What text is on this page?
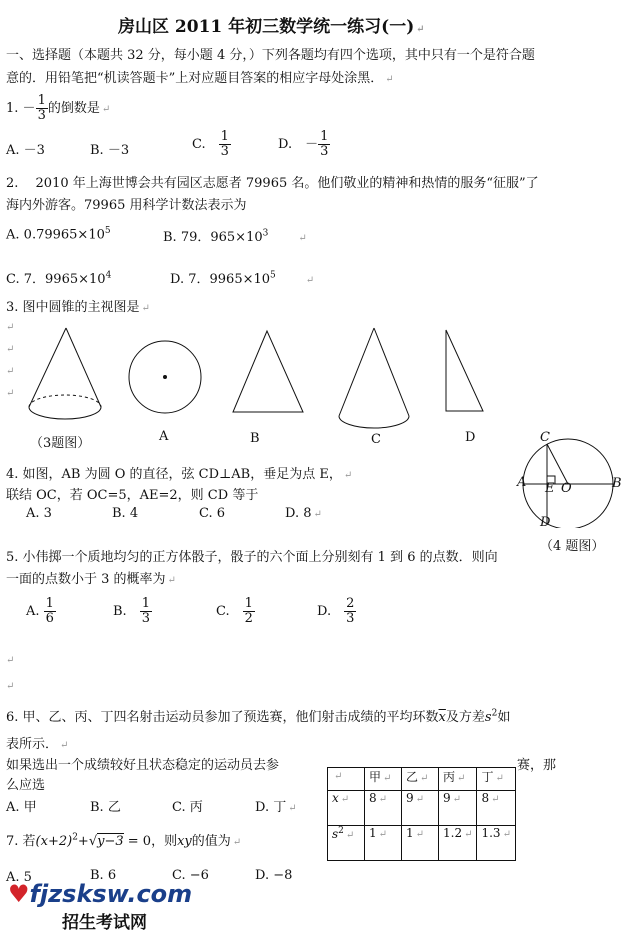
房山区 2011 年初三数学统一练习(一) ↵
一、选择题（本题共 32 分，每小题 4 分，）下列各题均有四个选项，其中只有一个是符合题
意的．用铅笔把“机读答题卡”上对应题目答案的相应字母处涂黑． ↵
1. － $\frac{1}{3}$ 的倒数是 ↵
A. －3	B. －3	C.　 $\frac{1}{3}$	D.　 － $\frac{1}{3}$
2.　 2010 年上海世博会共有园区志愿者 79965 名。他们敬业的精神和热情的服务“征服”了
海内外游客。79965 用科学计数法表示为
A. $0.79965\times 10^5$	B. 79．$965\times 10^3$	↵
C. 7．$9965\times 10^4$	D. 7．$9965\times 10^5$	↵
3. 图中圆锥的主视图是 ↵
↵
↵
↵
↵
（3题图）	A	B	C	D
4. 如图，AB 为圆 O 的直径，弦 CD⊥AB，垂足为点 E， ↵
联结 OC，若 OC=5，AE=2，则 CD 等于
A. 3	B. 4	C. 6	D. 8 ↵
C
A E O	B
D
（4 题图）
5. 小伟掷一个质地均匀的正方体骰子，骰子的六个面上分别刻有 1 到 6 的点数．则向
一面的点数小于 3 的概率为 ↵
A. $\frac{1}{6}$	B.　 $\frac{1}{3}$	C.　 $\frac{1}{2}$	D.　 $\frac{2}{3}$
↵
↵
6. 甲、乙、丙、丁四名射击运动员参加了预选赛，他们射击成绩的平均环数$\overline{x}$及方差$s^2$如
表所示． ↵
如果选出一个成绩较好且状态稳定的运动员去参	赛，那
么应选
A. 甲	B. 乙	C. 丙	D. 丁 ↵
↵	甲 ↵	乙 ↵	丙 ↵	丁 ↵
$\overline{x}$ ↵	8 ↵	9 ↵	9 ↵	8 ↵
$s^2$ ↵	1 ↵	1 ↵	1.2 ↵	1.3 ↵
7. 若$(x+2)^2+√y-3 = 0$，则xy的值为 ↵
A. 5	B. 6	C. −6	D. −8
♥fjzsksw.com
招生考试网
